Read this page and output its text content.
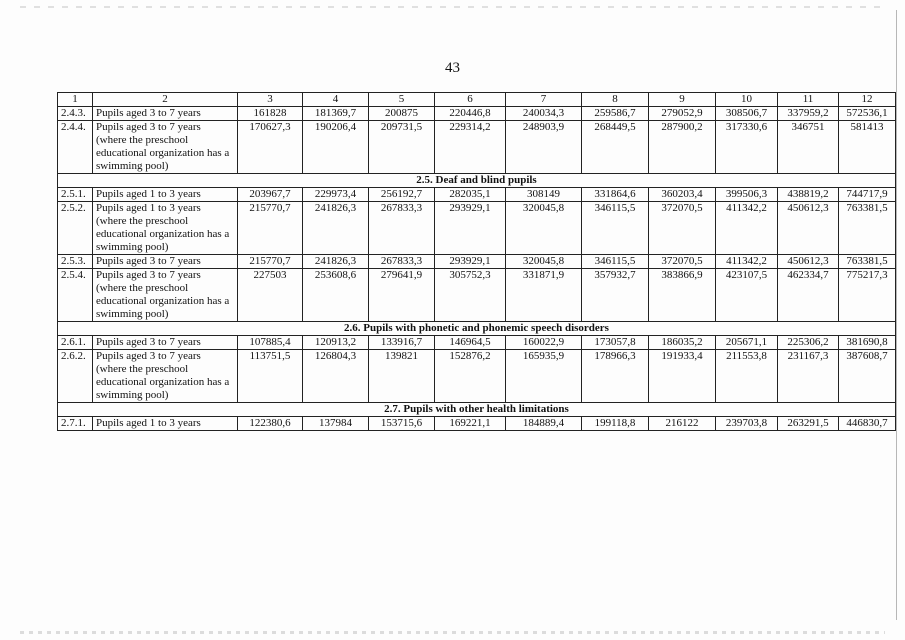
43
1	2	3	4	5	6	7	8	9	10	11	12
2.4.3.	Pupils aged 3 to 7 years	161828	181369,7	200875	220446,8	240034,3	259586,7	279052,9	308506,7	337959,2	572536,1
2.4.4.	Pupils aged 3 to 7 years (where the preschool educational organization has a swimming pool)	170627,3	190206,4	209731,5	229314,2	248903,9	268449,5	287900,2	317330,6	346751	581413
2.5. Deaf and blind pupils											
2.5.1.	Pupils aged 1 to 3 years	203967,7	229973,4	256192,7	282035,1	308149	331864,6	360203,4	399506,3	438819,2	744717,9
2.5.2.	Pupils aged 1 to 3 years (where the preschool educational organization has a swimming pool)	215770,7	241826,3	267833,3	293929,1	320045,8	346115,5	372070,5	411342,2	450612,3	763381,5
2.5.3.	Pupils aged 3 to 7 years	215770,7	241826,3	267833,3	293929,1	320045,8	346115,5	372070,5	411342,2	450612,3	763381,5
2.5.4.	Pupils aged 3 to 7 years (where the preschool educational organization has a swimming pool)	227503	253608,6	279641,9	305752,3	331871,9	357932,7	383866,9	423107,5	462334,7	775217,3
2.6. Pupils with phonetic and phonemic speech disorders											
2.6.1.	Pupils aged 3 to 7 years	107885,4	120913,2	133916,7	146964,5	160022,9	173057,8	186035,2	205671,1	225306,2	381690,8
2.6.2.	Pupils aged 3 to 7 years (where the preschool educational organization has a swimming pool)	113751,5	126804,3	139821	152876,2	165935,9	178966,3	191933,4	211553,8	231167,3	387608,7
2.7. Pupils with other health limitations											
2.7.1.	Pupils aged 1 to 3 years	122380,6	137984	153715,6	169221,1	184889,4	199118,8	216122	239703,8	263291,5	446830,7
